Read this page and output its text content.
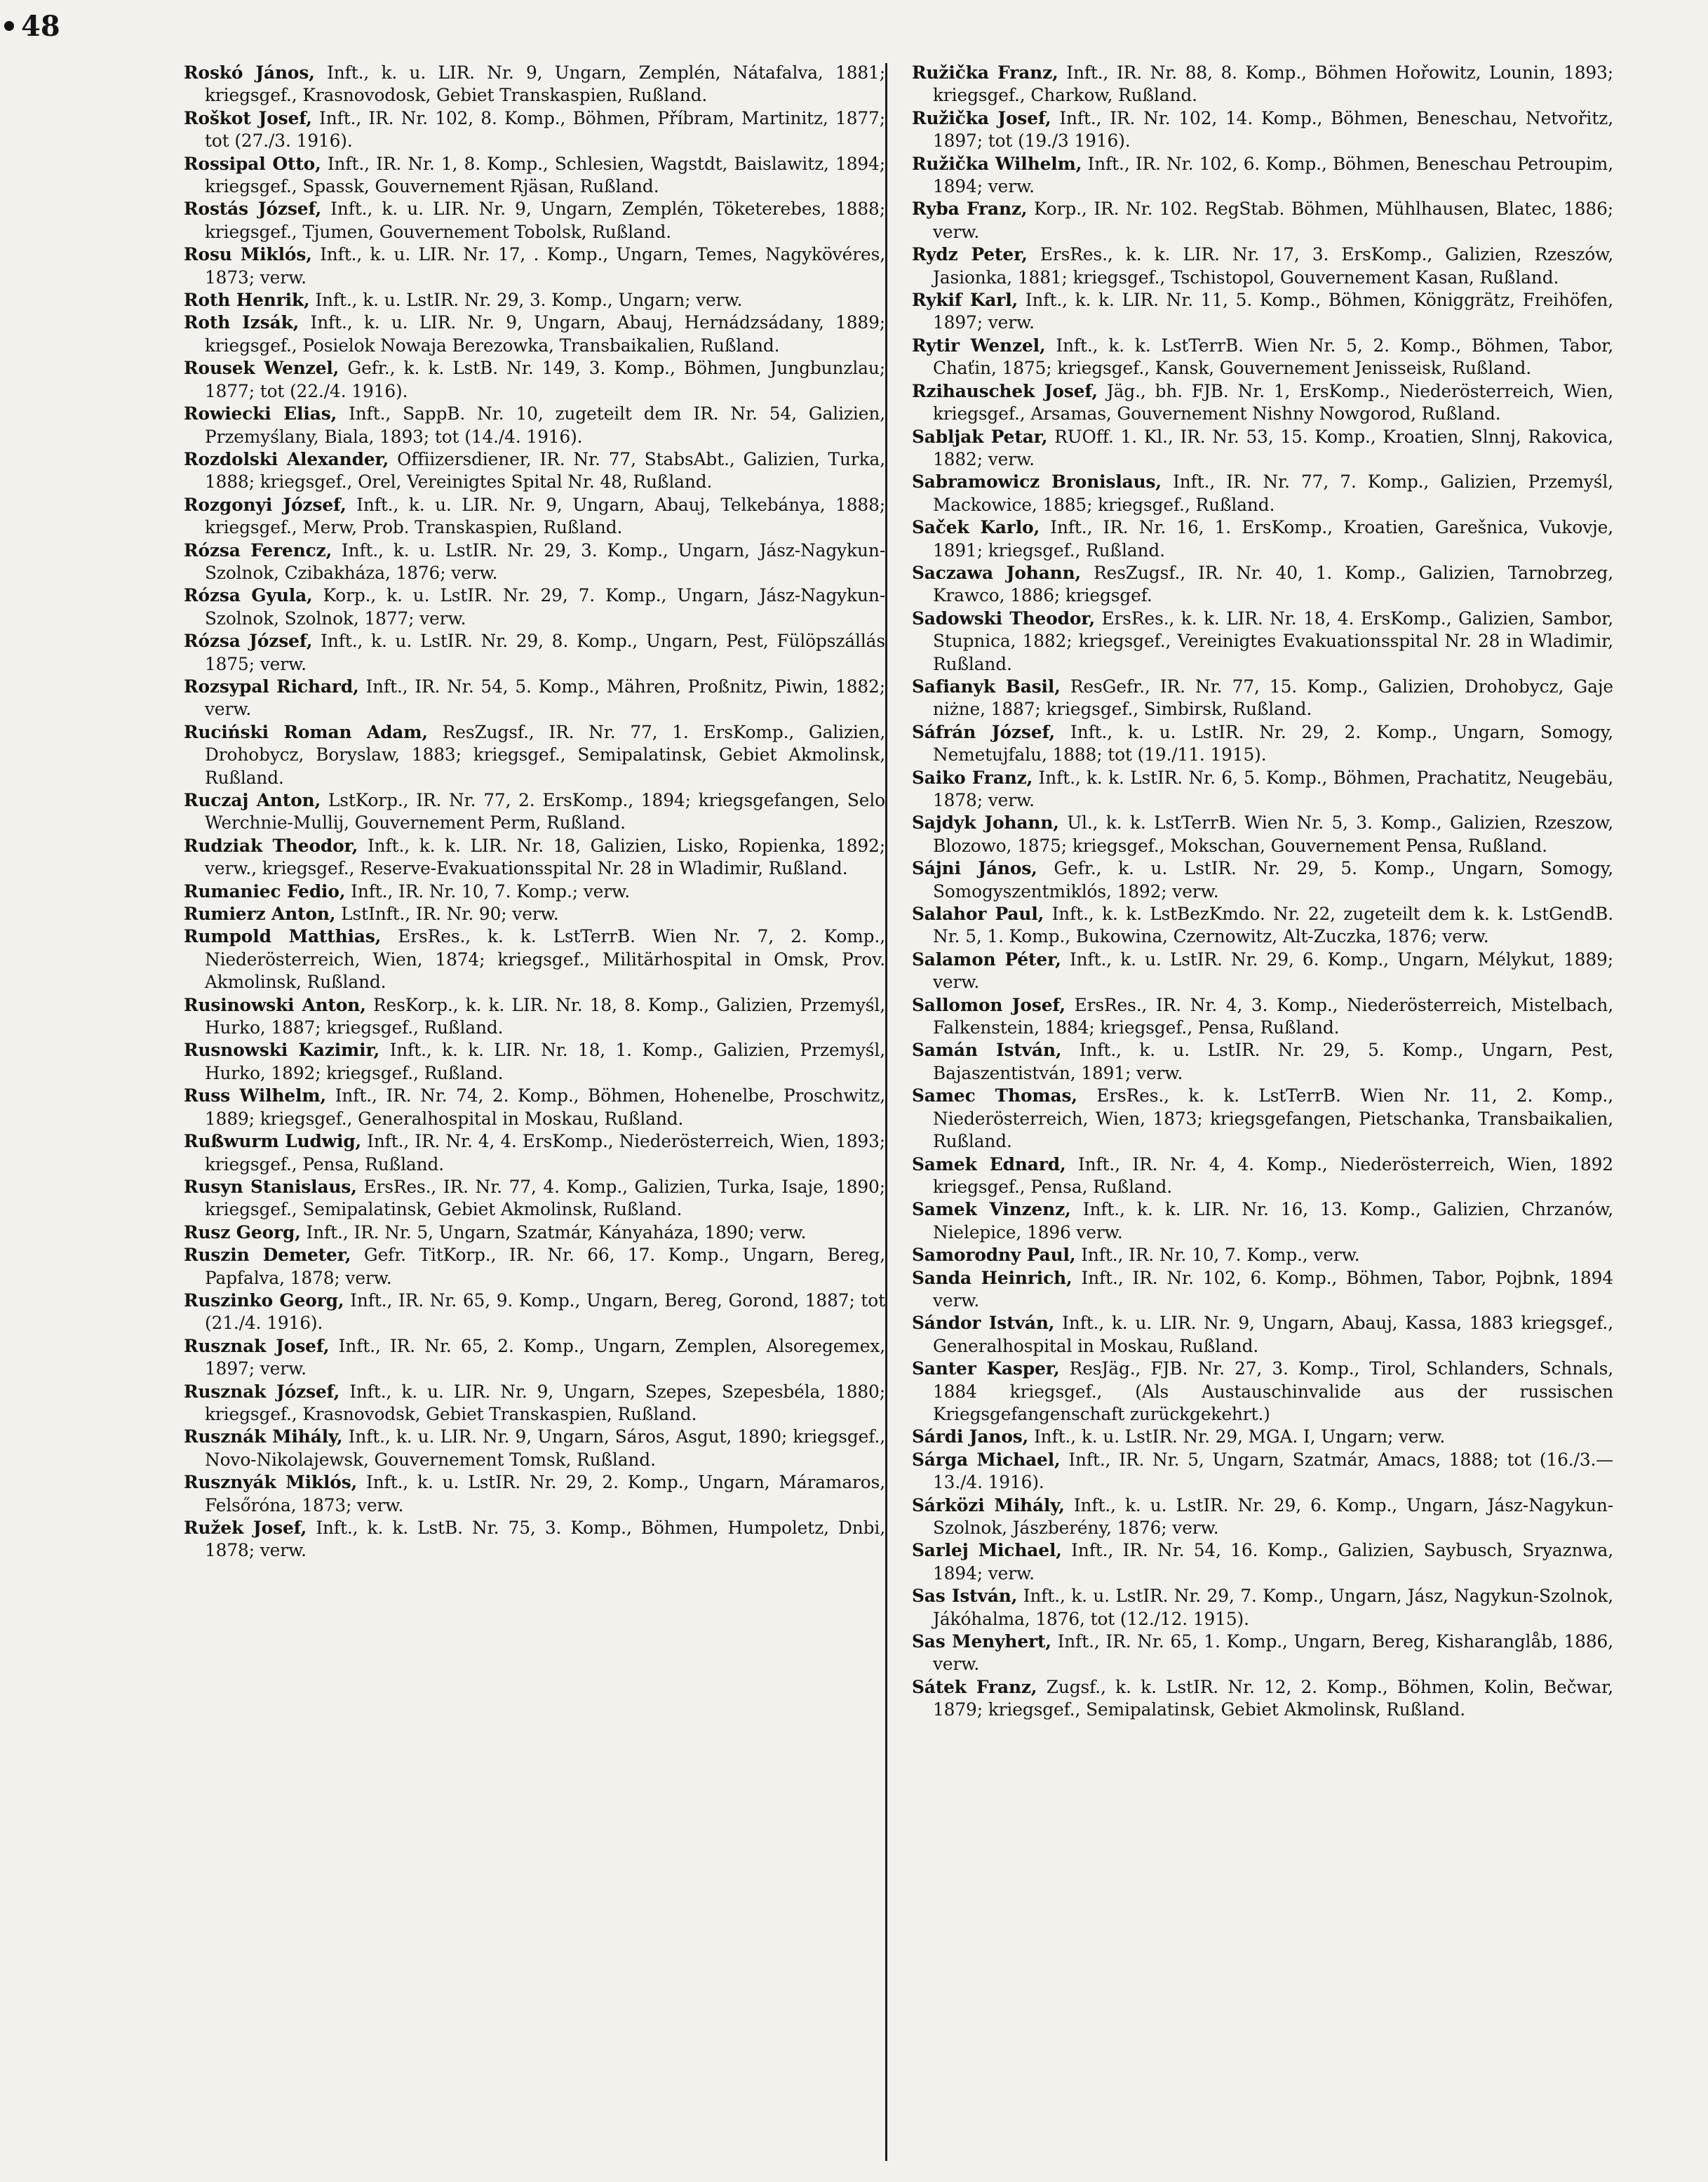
48

Roskó János, Inft., k. u. LIR. Nr. 9, Ungarn, Zemplén, Nátafalva, 1881; kriegsgef., Krasnovodosk, Gebiet Transkaspien, Rußland.

Roškot Josef, Inft., IR. Nr. 102, 8. Komp., Böhmen, Příbram, Martinitz, 1877; tot (27./3. 1916).

Rossipal Otto, Inft., IR. Nr. 1, 8. Komp., Schlesien, Wagstdt, Baislawitz, 1894; kriegsgef., Spassk, Gouvernement Rjäsan, Rußland.

Rostás József, Inft., k. u. LIR. Nr. 9, Ungarn, Zemplén, Töketerebes, 1888; kriegsgef., Tjumen, Gouvernement Tobolsk, Rußland.

Rosu Miklós, Inft., k. u. LIR. Nr. 17, . Komp., Ungarn, Temes, Nagykövéres, 1873; verw.

Roth Henrik, Inft., k. u. LstIR. Nr. 29, 3. Komp., Ungarn; verw.

Roth Izsák, Inft., k. u. LIR. Nr. 9, Ungarn, Abauj, Hernádzsádany, 1889; kriegsgef., Posielok Nowaja Berezowka, Transbaikalien, Rußland.

Rousek Wenzel, Gefr., k. k. LstB. Nr. 149, 3. Komp., Böhmen, Jungbunzlau; 1877; tot (22./4. 1916).

Rowiecki Elias, Inft., SappB. Nr. 10, zugeteilt dem IR. Nr. 54, Galizien, Przemyślany, Biala, 1893; tot (14./4. 1916).

Rozdolski Alexander, Offiizersdiener, IR. Nr. 77, StabsAbt., Galizien, Turka, 1888; kriegsgef., Orel, Vereinigtes Spital Nr. 48, Rußland.

Rozgonyi József, Inft., k. u. LIR. Nr. 9, Ungarn, Abauj, Telkebánya, 1888; kriegsgef., Merw, Prob. Transkaspien, Rußland.

Rózsa Ferencz, Inft., k. u. LstIR. Nr. 29, 3. Komp., Ungarn, Jász-Nagykun-Szolnok, Czibakháza, 1876; verw.

Rózsa Gyula, Korp., k. u. LstIR. Nr. 29, 7. Komp., Ungarn, Jász-Nagykun-Szolnok, Szolnok, 1877; verw.

Rózsa József, Inft., k. u. LstIR. Nr. 29, 8. Komp., Ungarn, Pest, Fülöpszállás 1875; verw.

Rozsypal Richard, Inft., IR. Nr. 54, 5. Komp., Mähren, Proßnitz, Piwin, 1882; verw.

Ruciński Roman Adam, ResZugsf., IR. Nr. 77, 1. ErsKomp., Galizien, Drohobycz, Boryslaw, 1883; kriegsgef., Semipalatinsk, Gebiet Akmolinsk, Rußland.

Ruczaj Anton, LstKorp., IR. Nr. 77, 2. ErsKomp., 1894; kriegsgefangen, Selo Werchnie-Mullij, Gouvernement Perm, Rußland.

Rudziak Theodor, Inft., k. k. LIR. Nr. 18, Galizien, Lisko, Ropienka, 1892; verw., kriegsgef., Reserve-Evakuationsspital Nr. 28 in Wladimir, Rußland.

Rumaniec Fedio, Inft., IR. Nr. 10, 7. Komp.; verw.

Rumierz Anton, LstInft., IR. Nr. 90; verw.

Rumpold Matthias, ErsRes., k. k. LstTerrB. Wien Nr. 7, 2. Komp., Niederösterreich, Wien, 1874; kriegsgef., Militärhospital in Omsk, Prov. Akmolinsk, Rußland.

Rusinowski Anton, ResKorp., k. k. LIR. Nr. 18, 8. Komp., Galizien, Przemyśl, Hurko, 1887; kriegsgef., Rußland.

Rusnowski Kazimir, Inft., k. k. LIR. Nr. 18, 1. Komp., Galizien, Przemyśl, Hurko, 1892; kriegsgef., Rußland.

Russ Wilhelm, Inft., IR. Nr. 74, 2. Komp., Böhmen, Hohenelbe, Proschwitz, 1889; kriegsgef., Generalhospital in Moskau, Rußland.

Rußwurm Ludwig, Inft., IR. Nr. 4, 4. ErsKomp., Niederösterreich, Wien, 1893; kriegsgef., Pensa, Rußland.

Rusyn Stanislaus, ErsRes., IR. Nr. 77, 4. Komp., Galizien, Turka, Isaje, 1890; kriegsgef., Semipalatinsk, Gebiet Akmolinsk, Rußland.

Rusz Georg, Inft., IR. Nr. 5, Ungarn, Szatmár, Kányaháza, 1890; verw.

Ruszin Demeter, Gefr. TitKorp., IR. Nr. 66, 17. Komp., Ungarn, Bereg, Papfalva, 1878; verw.

Ruszinko Georg, Inft., IR. Nr. 65, 9. Komp., Ungarn, Bereg, Gorond, 1887; tot (21./4. 1916).

Rusznak Josef, Inft., IR. Nr. 65, 2. Komp., Ungarn, Zemplen, Alsoregemex, 1897; verw.

Rusznak József, Inft., k. u. LIR. Nr. 9, Ungarn, Szepes, Szepesbéla, 1880; kriegsgef., Krasnovodsk, Gebiet Transkaspien, Rußland.

Rusznák Mihály, Inft., k. u. LIR. Nr. 9, Ungarn, Sáros, Asgut, 1890; kriegsgef., Novo-Nikolajewsk, Gouvernement Tomsk, Rußland.

Rusznyák Miklós, Inft., k. u. LstIR. Nr. 29, 2. Komp., Ungarn, Máramaros, Felsőróna, 1873; verw.

Ružek Josef, Inft., k. k. LstB. Nr. 75, 3. Komp., Böhmen, Humpoletz, Dnbi, 1878; verw.

Ružička Franz, Inft., IR. Nr. 88, 8. Komp., Böhmen Hořowitz, Lounin, 1893; kriegsgef., Charkow, Rußland.

Ružička Josef, Inft., IR. Nr. 102, 14. Komp., Böhmen, Beneschau, Netvořitz, 1897; tot (19./3 1916).

Ružička Wilhelm, Inft., IR. Nr. 102, 6. Komp., Böhmen, Beneschau Petroupim, 1894; verw.

Ryba Franz, Korp., IR. Nr. 102. RegStab. Böhmen, Mühlhausen, Blatec, 1886; verw.

Rydz Peter, ErsRes., k. k. LIR. Nr. 17, 3. ErsKomp., Galizien, Rzeszów, Jasionka, 1881; kriegsgef., Tschistopol, Gouvernement Kasan, Rußland.

Rykif Karl, Inft., k. k. LIR. Nr. 11, 5. Komp., Böhmen, Königgrätz, Freihöfen, 1897; verw.

Rytir Wenzel, Inft., k. k. LstTerrB. Wien Nr. 5, 2. Komp., Böhmen, Tabor, Chaťin, 1875; kriegsgef., Kansk, Gouvernement Jenisseisk, Rußland.

Rzihauschek Josef, Jäg., bh. FJB. Nr. 1, ErsKomp., Niederösterreich, Wien, kriegsgef., Arsamas, Gouvernement Nishny Nowgorod, Rußland.

Sabljak Petar, RUOff. 1. Kl., IR. Nr. 53, 15. Komp., Kroatien, Slnnj, Rakovica, 1882; verw.

Sabramowicz Bronislaus, Inft., IR. Nr. 77, 7. Komp., Galizien, Przemyśl, Mackowice, 1885; kriegsgef., Rußland.

Saček Karlo, Inft., IR. Nr. 16, 1. ErsKomp., Kroatien, Garešnica, Vukovje, 1891; kriegsgef., Rußland.

Saczawa Johann, ResZugsf., IR. Nr. 40, 1. Komp., Galizien, Tarnobrzeg, Krawco, 1886; kriegsgef.

Sadowski Theodor, ErsRes., k. k. LIR. Nr. 18, 4. ErsKomp., Galizien, Sambor, Stupnica, 1882; kriegsgef., Vereinigtes Evakuationsspital Nr. 28 in Wladimir, Rußland.

Safianyk Basil, ResGefr., IR. Nr. 77, 15. Komp., Galizien, Drohobycz, Gaje niżne, 1887; kriegsgef., Simbirsk, Rußland.

Sáfrán József, Inft., k. u. LstIR. Nr. 29, 2. Komp., Ungarn, Somogy, Nemetujfalu, 1888; tot (19./11. 1915).

Saiko Franz, Inft., k. k. LstIR. Nr. 6, 5. Komp., Böhmen, Prachatitz, Neugebäu, 1878; verw.

Sajdyk Johann, Ul., k. k. LstTerrB. Wien Nr. 5, 3. Komp., Galizien, Rzeszow, Blozowo, 1875; kriegsgef., Mokschan, Gouvernement Pensa, Rußland.

Sájni János, Gefr., k. u. LstIR. Nr. 29, 5. Komp., Ungarn, Somogy, Somogyszentmiklós, 1892; verw.

Salahor Paul, Inft., k. k. LstBezKmdo. Nr. 22, zugeteilt dem k. k. LstGendB. Nr. 5, 1. Komp., Bukowina, Czernowitz, Alt-Zuczka, 1876; verw.

Salamon Péter, Inft., k. u. LstIR. Nr. 29, 6. Komp., Ungarn, Mélykut, 1889; verw.

Sallomon Josef, ErsRes., IR. Nr. 4, 3. Komp., Niederösterreich, Mistelbach, Falkenstein, 1884; kriegsgef., Pensa, Rußland.

Samán István, Inft., k. u. LstIR. Nr. 29, 5. Komp., Ungarn, Pest, Bajaszentistván, 1891; verw.

Samec Thomas, ErsRes., k. k. LstTerrB. Wien Nr. 11, 2. Komp., Niederösterreich, Wien, 1873; kriegsgefangen, Pietschanka, Transbaikalien, Rußland.

Samek Ednard, Inft., IR. Nr. 4, 4. Komp., Niederösterreich, Wien, 1892 kriegsgef., Pensa, Rußland.

Samek Vinzenz, Inft., k. k. LIR. Nr. 16, 13. Komp., Galizien, Chrzanów, Nielepice, 1896 verw.

Samorodny Paul, Inft., IR. Nr. 10, 7. Komp., verw.

Sanda Heinrich, Inft., IR. Nr. 102, 6. Komp., Böhmen, Tabor, Pojbnk, 1894 verw.

Sándor István, Inft., k. u. LIR. Nr. 9, Ungarn, Abauj, Kassa, 1883 kriegsgef., Generalhospital in Moskau, Rußland.

Santer Kasper, ResJäg., FJB. Nr. 27, 3. Komp., Tirol, Schlanders, Schnals, 1884 kriegsgef., (Als Austauschinvalide aus der russischen Kriegsgefangenschaft zurückgekehrt.)

Sárdi Janos, Inft., k. u. LstIR. Nr. 29, MGA. I, Ungarn; verw.

Sárga Michael, Inft., IR. Nr. 5, Ungarn, Szatmár, Amacs, 1888; tot (16./3.—13./4. 1916).

Sárközi Mihály, Inft., k. u. LstIR. Nr. 29, 6. Komp., Ungarn, Jász-Nagykun-Szolnok, Jászberény, 1876; verw.

Sarlej Michael, Inft., IR. Nr. 54, 16. Komp., Galizien, Saybusch, Sryaznwa, 1894; verw.

Sas István, Inft., k. u. LstIR. Nr. 29, 7. Komp., Ungarn, Jász, Nagykun-Szolnok, Jákóhalma, 1876, tot (12./12. 1915).

Sas Menyhert, Inft., IR. Nr. 65, 1. Komp., Ungarn, Bereg, Kisharanglåb, 1886, verw.

Sátek Franz, Zugsf., k. k. LstIR. Nr. 12, 2. Komp., Böhmen, Kolin, Bečwar, 1879; kriegsgef., Semipalatinsk, Gebiet Akmolinsk, Rußland.
